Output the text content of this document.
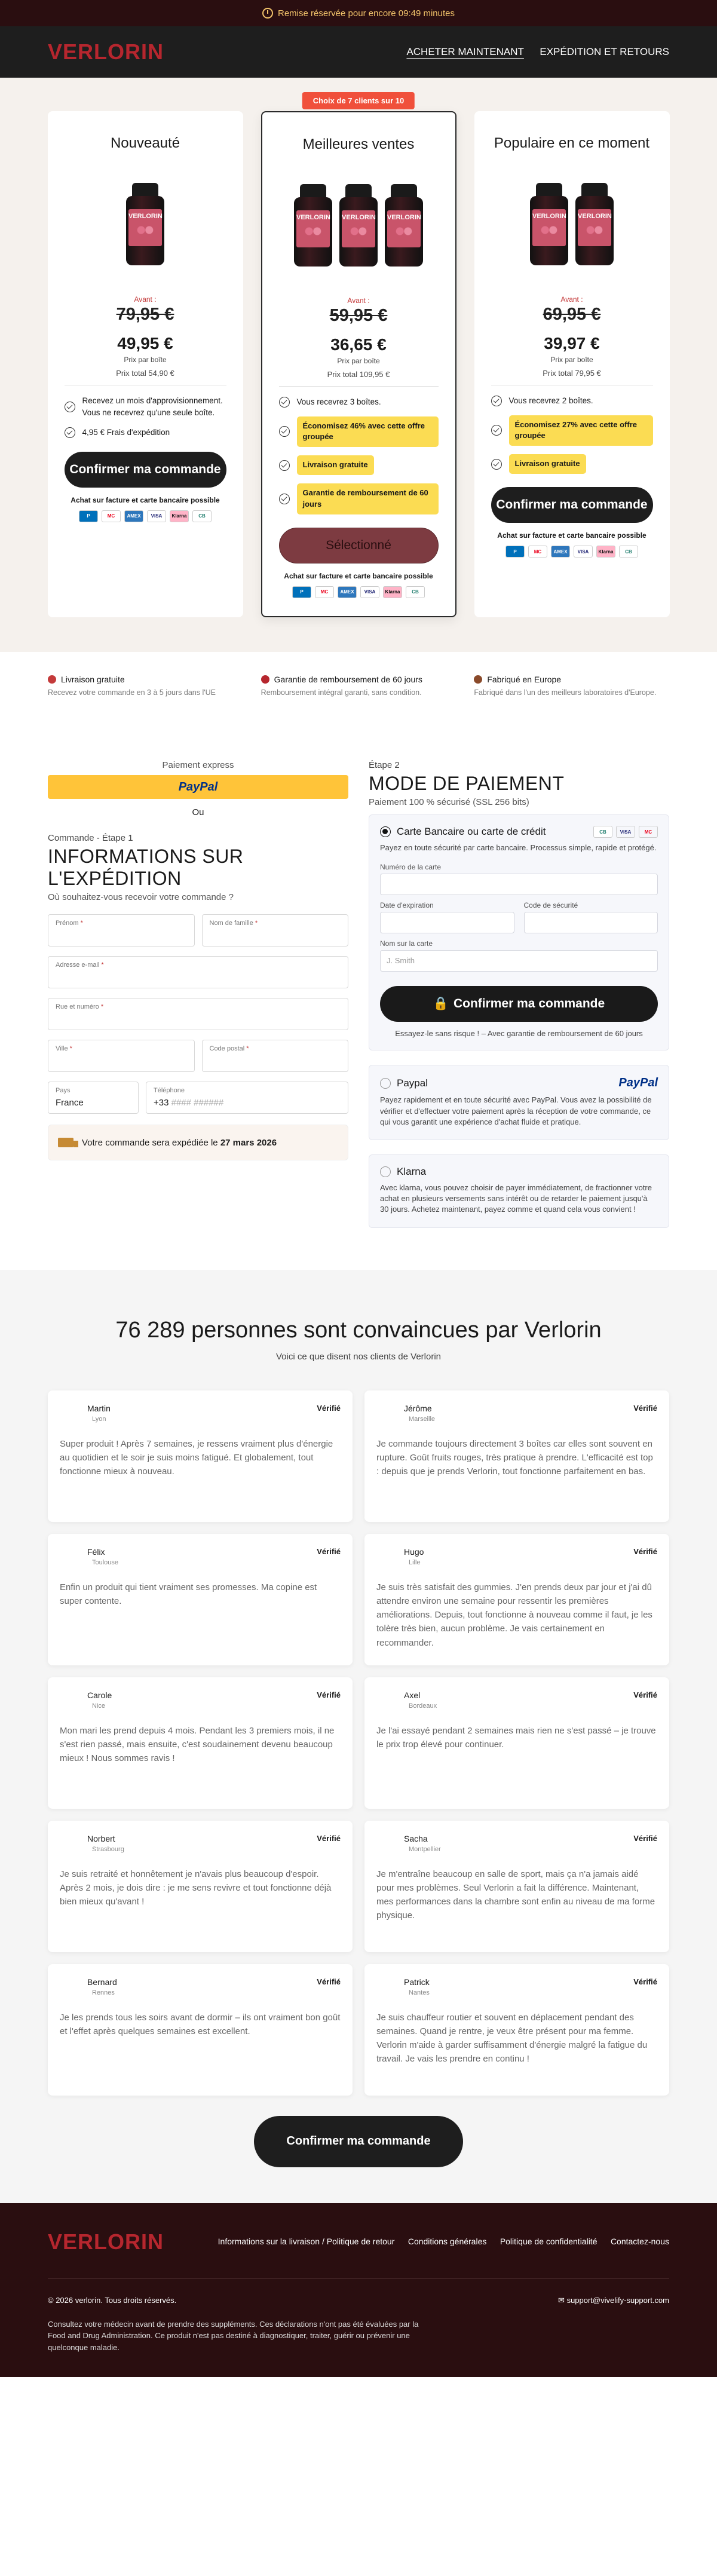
Remise réservée pour encore 09:49 minutes
VERLORIN	ACHETER MAINTENANT EXPÉDITION ET RETOURS
Nouveauté
VERLORIN
Avant :
79,95 €
49,95 €
Prix par boîte
Prix total 54,90 €
Recevez un mois d'approvisionnement. Vous ne recevrez qu'une seule boîte.
4,95 € Frais d'expédition
Confirmer ma commande
Achat sur facture et carte bancaire possible
P	MC	AMEX	VISA	Klarna	CB
Choix de 7 clients sur 10
Meilleures ventes
VERLORIN VERLORIN VERLORIN
Avant :
59,95 €
36,65 €
Prix par boîte
Prix total 109,95 €
Vous recevrez 3 boîtes.
Économisez 46% avec cette offre groupée
Livraison gratuite
Garantie de remboursement de 60 jours
Sélectionné
Achat sur facture et carte bancaire possible
P	MC	AMEX	VISA	Klarna	CB
Populaire en ce moment
VERLORIN VERLORIN
Avant :
69,95 €
39,97 €
Prix par boîte
Prix total 79,95 €
Vous recevrez 2 boîtes.
Économisez 27% avec cette offre groupée
Livraison gratuite
Confirmer ma commande
Achat sur facture et carte bancaire possible
P	MC	AMEX	VISA	Klarna	CB
Livraison gratuite
Recevez votre commande en 3 à 5 jours dans l'UE
Garantie de remboursement de 60 jours
Remboursement intégral garanti, sans condition.
Fabriqué en Europe
Fabriqué dans l'un des meilleurs laboratoires d'Europe.
Paiement express
PayPal
Ou
Commande - Étape 1
INFORMATIONS SUR L'EXPÉDITION
Où souhaitez-vous recevoir votre commande ?
Prénom *	Nom de famille *
Adresse e-mail *
Rue et numéro *
Ville *	Code postal *
Pays
France
Téléphone
+33 #### ######
Votre commande sera expédiée le 27 mars 2026
Étape 2
MODE DE PAIEMENT
Paiement 100 % sécurisé (SSL 256 bits)
Carte Bancaire ou carte de crédit	CB	VISA	MC
Payez en toute sécurité par carte bancaire. Processus simple, rapide et protégé.
Numéro de la carte
Date d'expiration	Code de sécurité
Nom sur la carte
J. Smith
🔒 Confirmer ma commande
Essayez-le sans risque ! – Avec garantie de remboursement de 60 jours
Paypal	PayPal
Payez rapidement et en toute sécurité avec PayPal. Vous avez la possibilité de vérifier et d'effectuer votre paiement après la réception de votre commande, ce qui vous garantit une expérience d'achat fluide et pratique.
Klarna
Avec klarna, vous pouvez choisir de payer immédiatement, de fractionner votre achat en plusieurs versements sans intérêt ou de retarder le paiement jusqu'à 30 jours. Achetez maintenant, payez comme et quand cela vous convient !
76 289 personnes sont convaincues par Verlorin
Voici ce que disent nos clients de Verlorin
Martin
Lyon
Vérifié

Super produit ! Après 7 semaines, je ressens vraiment plus d'énergie au quotidien et le soir je suis moins fatigué. Et globalement, tout fonctionne mieux à nouveau.

Jérôme
Marseille
Vérifié

Je commande toujours directement 3 boîtes car elles sont souvent en rupture. Goût fruits rouges, très pratique à prendre. L'efficacité est top : depuis que je prends Verlorin, tout fonctionne parfaitement en bas.

Félix
Toulouse
Vérifié

Enfin un produit qui tient vraiment ses promesses. Ma copine est super contente.

Hugo
Lille
Vérifié

Je suis très satisfait des gummies. J'en prends deux par jour et j'ai dû attendre environ une semaine pour ressentir les premières améliorations. Depuis, tout fonctionne à nouveau comme il faut, je les tolère très bien, aucun problème. Je vais certainement en recommander.

Carole
Nice
Vérifié

Mon mari les prend depuis 4 mois. Pendant les 3 premiers mois, il ne s'est rien passé, mais ensuite, c'est soudainement devenu beaucoup mieux ! Nous sommes ravis !

Axel
Bordeaux
Vérifié

Je l'ai essayé pendant 2 semaines mais rien ne s'est passé – je trouve le prix trop élevé pour continuer.

Norbert
Strasbourg
Vérifié

Je suis retraité et honnêtement je n'avais plus beaucoup d'espoir. Après 2 mois, je dois dire : je me sens revivre et tout fonctionne déjà bien mieux qu'avant !

Sacha
Montpellier
Vérifié

Je m'entraîne beaucoup en salle de sport, mais ça n'a jamais aidé pour mes problèmes. Seul Verlorin a fait la différence. Maintenant, mes performances dans la chambre sont enfin au niveau de ma forme physique.

Bernard
Rennes
Vérifié

Je les prends tous les soirs avant de dormir – ils ont vraiment bon goût et l'effet après quelques semaines est excellent.

Patrick
Nantes
Vérifié

Je suis chauffeur routier et souvent en déplacement pendant des semaines. Quand je rentre, je veux être présent pour ma femme. Verlorin m'aide à garder suffisamment d'énergie malgré la fatigue du travail. Je vais les prendre en continu !

Confirmer ma commande
VERLORIN	Informations sur la livraison / Politique de retour Conditions générales Politique de confidentialité Contactez-nous
© 2026 verlorin. Tous droits réservés.	✉ support@vivelify-support.com
Consultez votre médecin avant de prendre des suppléments. Ces déclarations n'ont pas été évaluées par la Food and Drug Administration. Ce produit n'est pas destiné à diagnostiquer, traiter, guérir ou prévenir une quelconque maladie.
